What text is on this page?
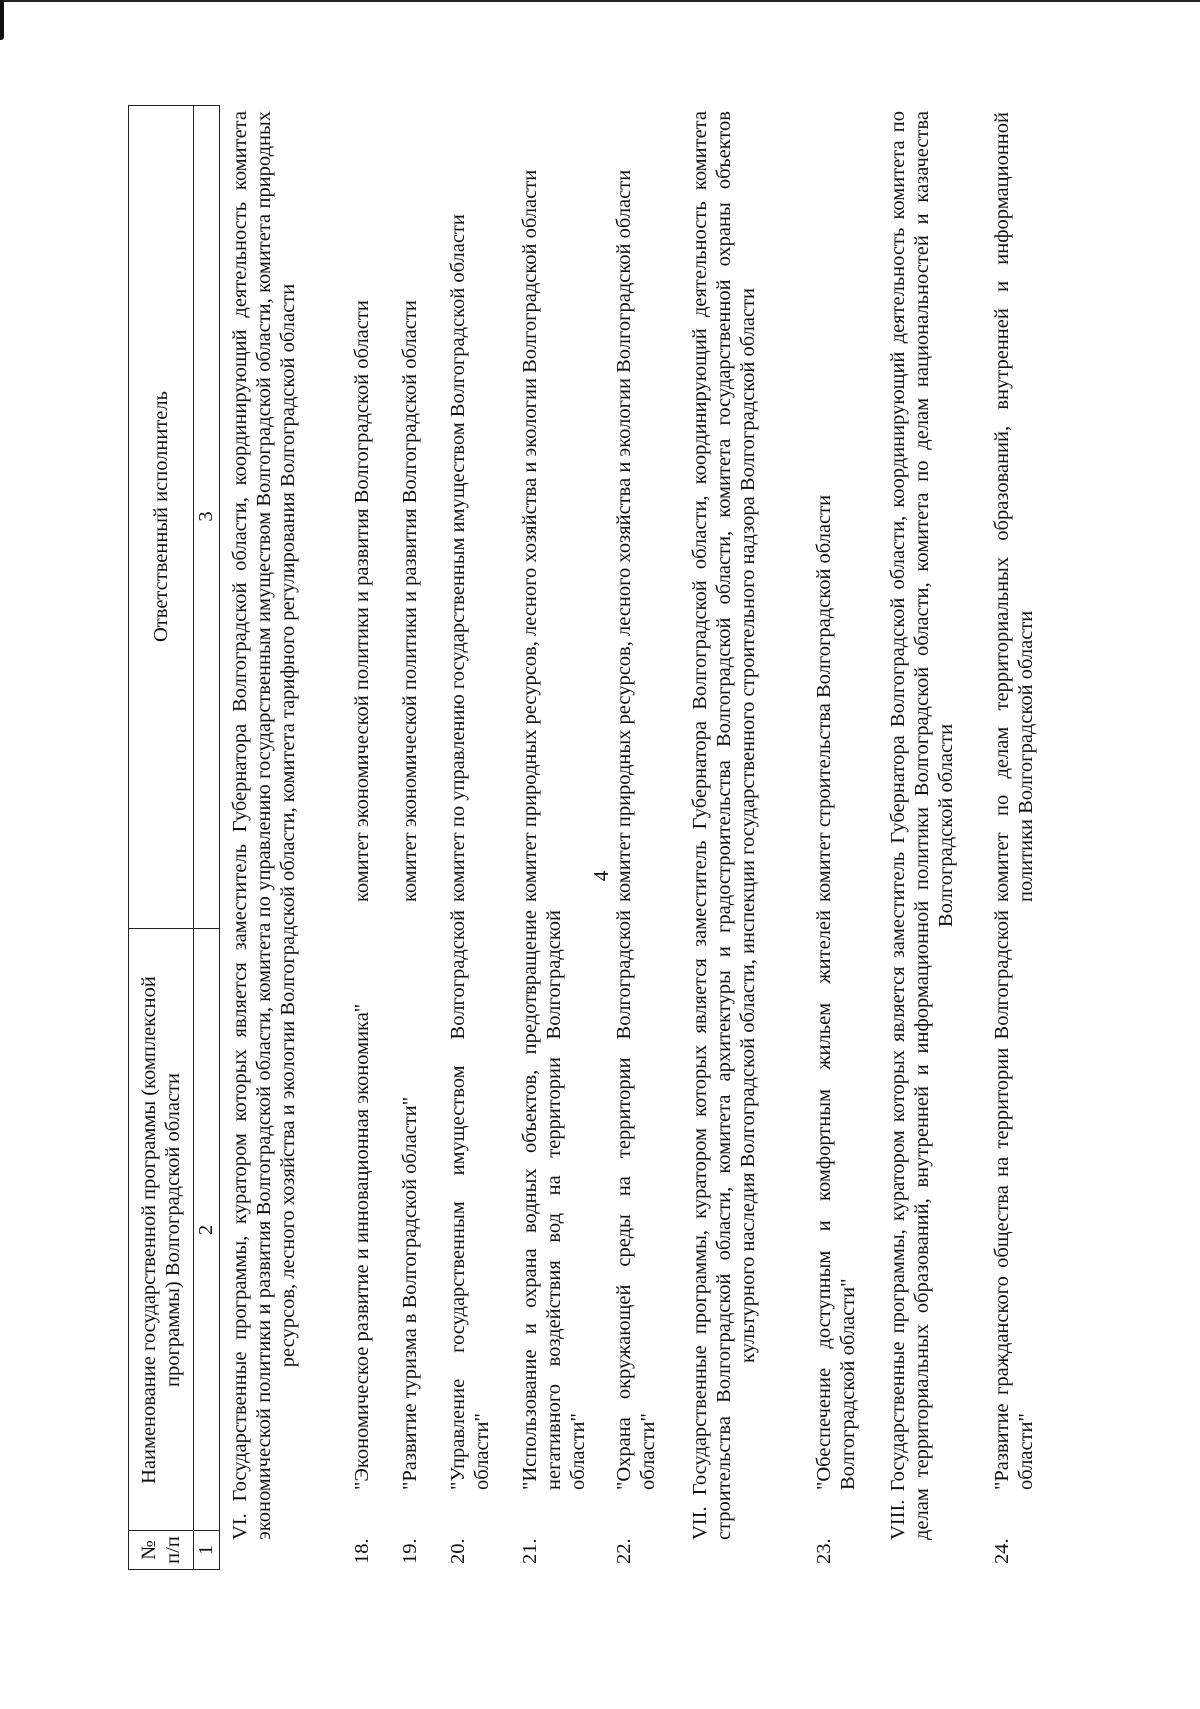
4
№ п/п
Наименование государственной программы (комплексной программы) Волгоградской области
Ответственный исполнитель
1
2
3 VI. Государственные программы, куратором которых является заместитель Губернатора Волгоградской области, координирующий деятельность комитета экономической политики и развития Волгоградской области, комитета по управлению государственным имуществом Волгоградской области, комитета природных ресурсов, лесного хозяйства и экологии Волгоградской области, комитета тарифного регулирования Волгоградской области
18.
"Экономическое развитие и инновационная экономика"
комитет экономической политики и развития Волгоградской области
19.
"Развитие туризма в Волгоградской области"
комитет экономической политики и развития Волгоградской области
20.
"Управление государственным имуществом Волгоградской области"
комитет по управлению государственным имуществом Волгоградской области
21.
"Использование и охрана водных объектов, предотвращение негативного воздействия вод на территории Волгоградской области"
комитет природных ресурсов, лесного хозяйства и экологии Волгоградской области
22.
"Охрана окружающей среды на территории Волгоградской области"
комитет природных ресурсов, лесного хозяйства и экологии Волгоградской области	VII. Государственные программы, куратором которых является заместитель Губернатора Волгоградской области, координирующий деятельность комитета строительства Волгоградской области, комитета архитектуры и градостроительства Волгоградской области, комитета государственной охраны объектов культурного наследия Волгоградской области, инспекции государственного строительного надзора Волгоградской области
23.
"Обеспечение доступным и комфортным жильем жителей Волгоградской области"
комитет строительства Волгоградской области	VIII. Государственные программы, куратором которых является заместитель Губернатора Волгоградской области, координирующий деятельность комитета по делам территориальных образований, внутренней и информационной политики Волгоградской области, комитета по делам национальностей и казачества Волгоградской области
24.
"Развитие гражданского общества на территории Волгоградской области"
комитет по делам территориальных образований, внутренней и информационной политики Волгоградской области
